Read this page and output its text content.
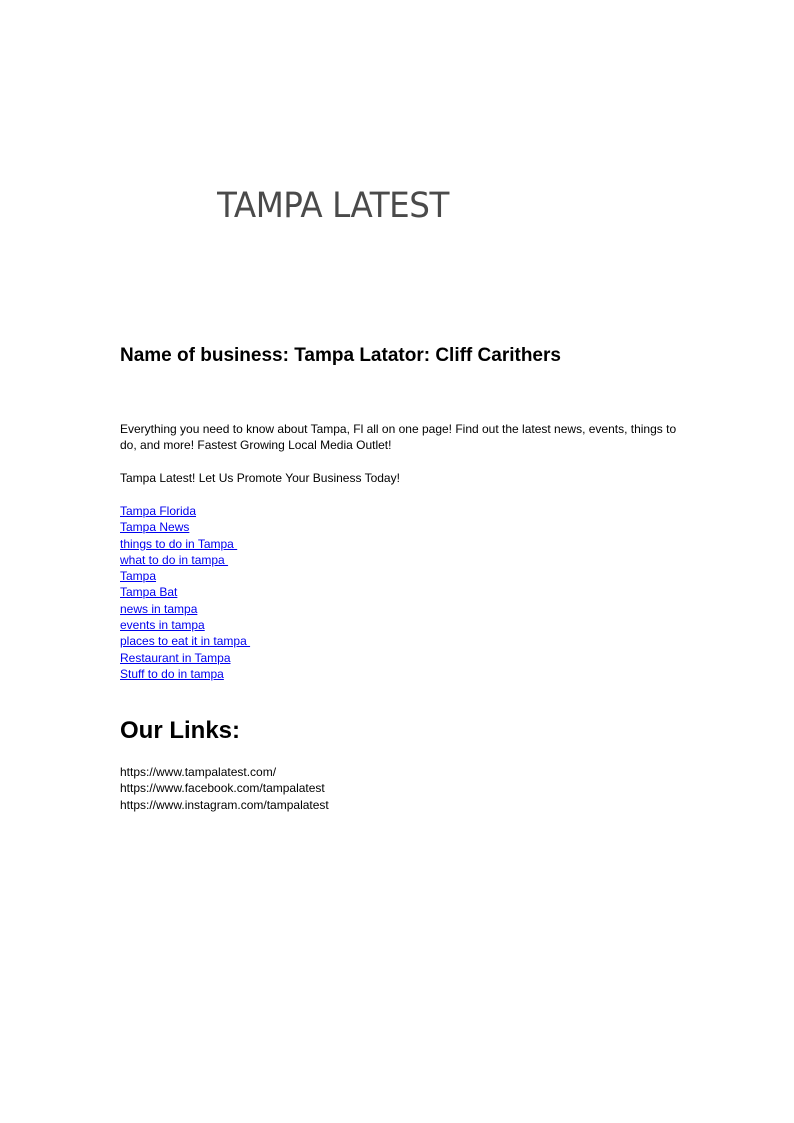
TAMPA LATEST
Name of business: Tampa Latator: Cliff Carithers

Everything you need to know about Tampa, Fl all on one page! Find out the latest news, events, things to do, and more! Fastest Growing Local Media Outlet!

Tampa Latest! Let Us Promote Your Business Today!

Tampa Florida
Tampa News
things to do in Tampa
what to do in tampa
Tampa
Tampa Bat
news in tampa
events in tampa
places to eat it in tampa
Restaurant in Tampa
Stuff to do in tampa
Our Links:
https://www.tampalatest.com/
https://www.facebook.com/tampalatest
https://www.instagram.com/tampalatest
